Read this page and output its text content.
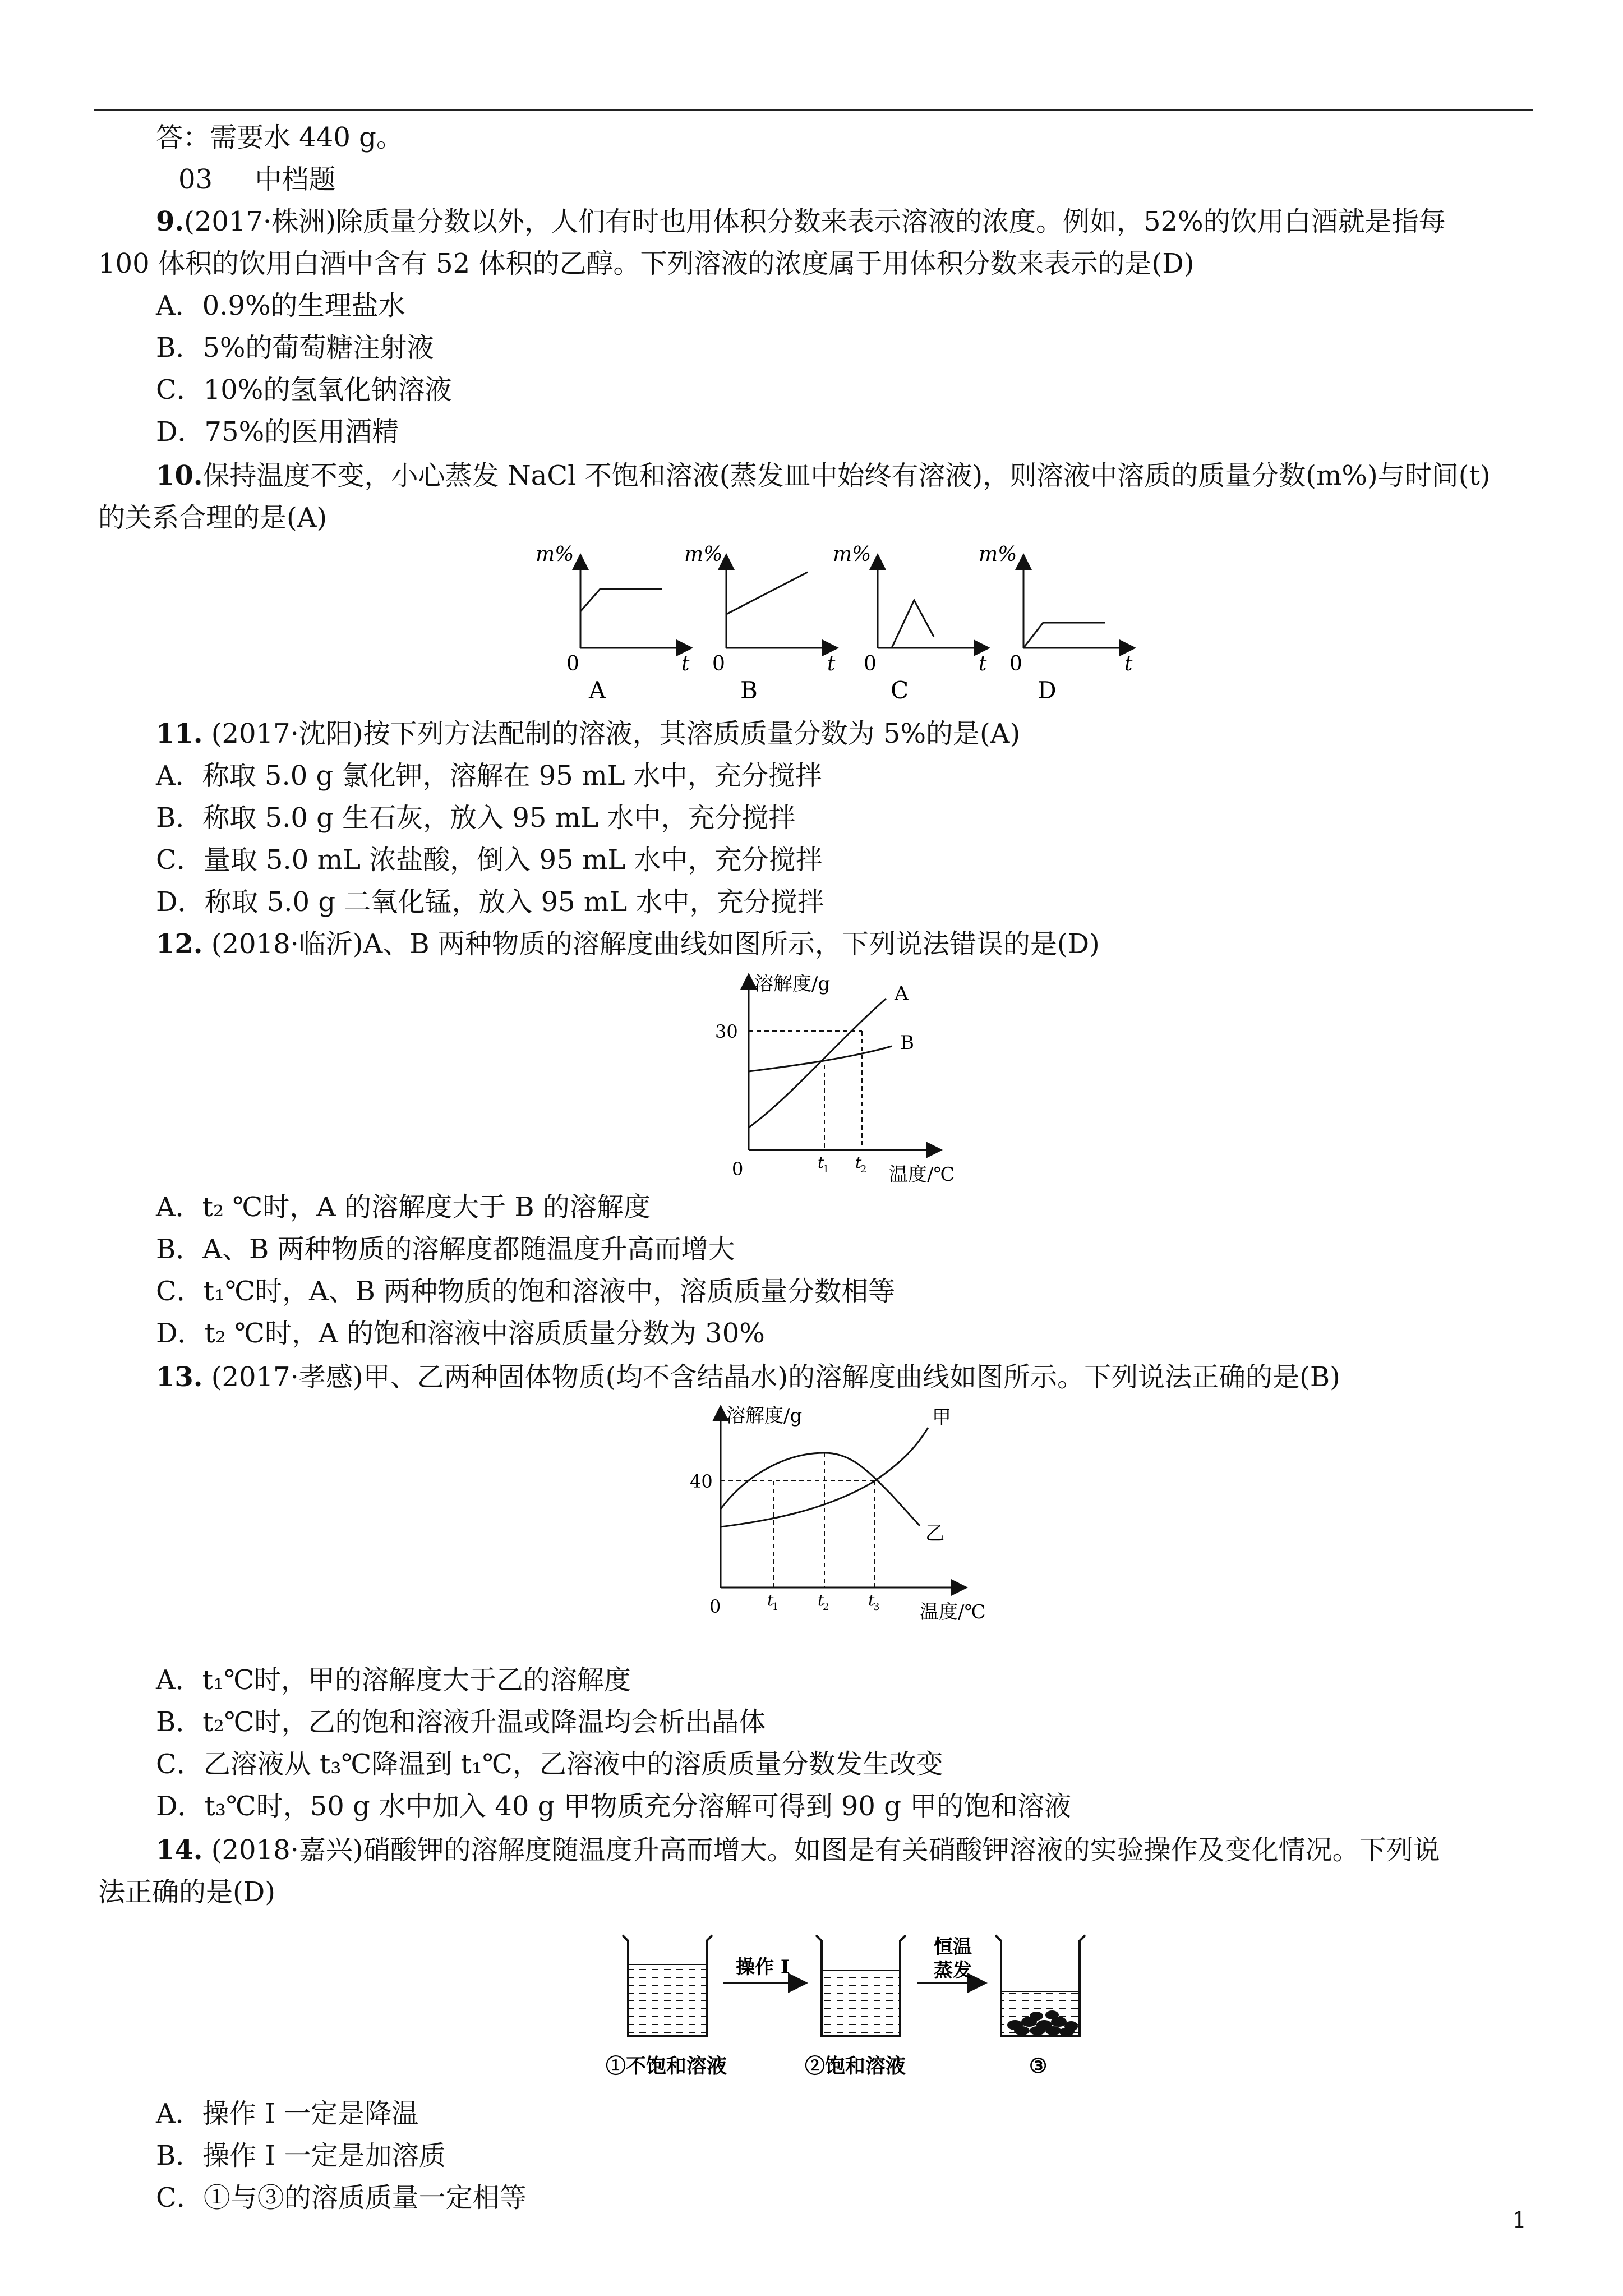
答：需要水 440 g。
03 中档题
9.(2017·株洲)除质量分数以外，人们有时也用体积分数来表示溶液的浓度。例如，52%的饮用白酒就是指每
100 体积的饮用白酒中含有 52 体积的乙醇。下列溶液的浓度属于用体积分数来表示的是(D)
A．0.9%的生理盐水
B．5%的葡萄糖注射液
C．10%的氢氧化钠溶液
D．75%的医用酒精
10.保持温度不变，小心蒸发 NaCl 不饱和溶液(蒸发皿中始终有溶液)，则溶液中溶质的质量分数(m%)与时间(t)
的关系合理的是(A)
m%
0	t
A
m%
0	t
B
m%
0	t
C
m%
0	t
D
11. (2017·沈阳)按下列方法配制的溶液，其溶质质量分数为 5%的是(A)
A．称取 5.0 g 氯化钾，溶解在 95 mL 水中，充分搅拌
B．称取 5.0 g 生石灰，放入 95 mL 水中，充分搅拌
C．量取 5.0 mL 浓盐酸，倒入 95 mL 水中，充分搅拌
D．称取 5.0 g 二氧化锰，放入 95 mL 水中，充分搅拌
12. (2018·临沂)A、B 两种物质的溶解度曲线如图所示，下列说法错误的是(D)
溶解度/g
30
0
A
B
t
1 t
2 温度/℃
A．t₂ ℃时，A 的溶解度大于 B 的溶解度
B．A、B 两种物质的溶解度都随温度升高而增大
C．t₁℃时，A、B 两种物质的饱和溶液中，溶质质量分数相等
D．t₂ ℃时，A 的饱和溶液中溶质质量分数为 30%
13. (2017·孝感)甲、乙两种固体物质(均不含结晶水)的溶解度曲线如图所示。下列说法正确的是(B)
溶解度/g
40
0
甲
乙
t
1 t
2 t
3 温度/℃
A．t₁℃时，甲的溶解度大于乙的溶解度
B．t₂℃时，乙的饱和溶液升温或降温均会析出晶体
C．乙溶液从 t₃℃降温到 t₁℃，乙溶液中的溶质质量分数发生改变
D．t₃℃时，50 g 水中加入 40 g 甲物质充分溶解可得到 90 g 甲的饱和溶液
14. (2018·嘉兴)硝酸钾的溶解度随温度升高而增大。如图是有关硝酸钾溶液的实验操作及变化情况。下列说
法正确的是(D)
操作 I
恒温
蒸发
①不饱和溶液	②饱和溶液	③
A．操作 I 一定是降温
B．操作 I 一定是加溶质
C．①与③的溶质质量一定相等
1
